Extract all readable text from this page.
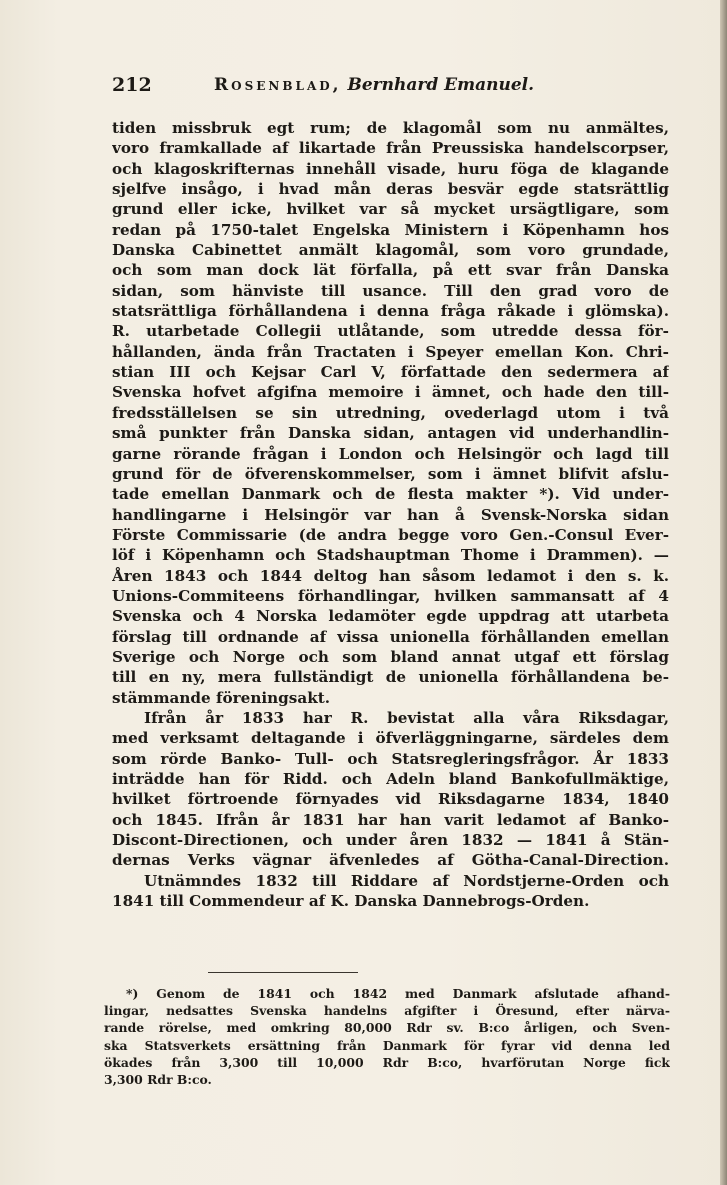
212	Rosenblad, Bernhard Emanuel.
tiden missbruk egt rum; de klagomål som nu anmältes,
voro framkallade af likartade från Preussiska handelscorpser,
och klagoskrifternas innehåll visade, huru föga de klagande
sjelfve insågo, i hvad mån deras besvär egde statsrättlig
grund eller icke, hvilket var så mycket ursägtligare, som
redan på 1750-talet Engelska Ministern i Köpenhamn hos
Danska Cabinettet anmält klagomål, som voro grundade,
och som man dock lät förfalla, på ett svar från Danska
sidan, som hänviste till usance. Till den grad voro de
statsrättliga förhållandena i denna fråga råkade i glömska).
R. utarbetade Collegii utlåtande, som utredde dessa för-
hållanden, ända från Tractaten i Speyer emellan Kon. Chri-
stian III och Kejsar Carl V, författade den sedermera af
Svenska hofvet afgifna memoire i ämnet, och hade den till-
fredsställelsen se sin utredning, ovederlagd utom i två
små punkter från Danska sidan, antagen vid underhandlin-
garne rörande frågan i London och Helsingör och lagd till
grund för de öfverenskommelser, som i ämnet blifvit afslu-
tade emellan Danmark och de flesta makter *). Vid under-
handlingarne i Helsingör var han å Svensk-Norska sidan
Förste Commissarie (de andra begge voro Gen.-Consul Ever-
löf i Köpenhamn och Stadshauptman Thome i Drammen). —
Åren 1843 och 1844 deltog han såsom ledamot i den s. k.
Unions-Commiteens förhandlingar, hvilken sammansatt af 4
Svenska och 4 Norska ledamöter egde uppdrag att utarbeta
förslag till ordnande af vissa unionella förhållanden emellan
Sverige och Norge och som bland annat utgaf ett förslag
till en ny, mera fullständigt de unionella förhållandena be-
stämmande föreningsakt.
Ifrån år 1833 har R. bevistat alla våra Riksdagar,
med verksamt deltagande i öfverläggningarne, särdeles dem
som rörde Banko- Tull- och Statsregleringsfrågor. År 1833
inträdde han för Ridd. och Adeln bland Bankofullmäktige,
hvilket förtroende förnyades vid Riksdagarne 1834, 1840
och 1845. Ifrån år 1831 har han varit ledamot af Banko-
Discont-Directionen, och under åren 1832 — 1841 å Stän-
dernas Verks vägnar äfvenledes af Götha-Canal-Direction.
Utnämndes 1832 till Riddare af Nordstjerne-Orden och
1841 till Commendeur af K. Danska Dannebrogs-Orden.
*) Genom de 1841 och 1842 med Danmark afslutade afhand-
lingar, nedsattes Svenska handelns afgifter i Öresund, efter närva-
rande rörelse, med omkring 80,000 Rdr sv. B:co årligen, och Sven-
ska Statsverkets ersättning från Danmark för fyrar vid denna led
ökades från 3,300 till 10,000 Rdr B:co, hvarförutan Norge fick
3,300 Rdr B:co.
